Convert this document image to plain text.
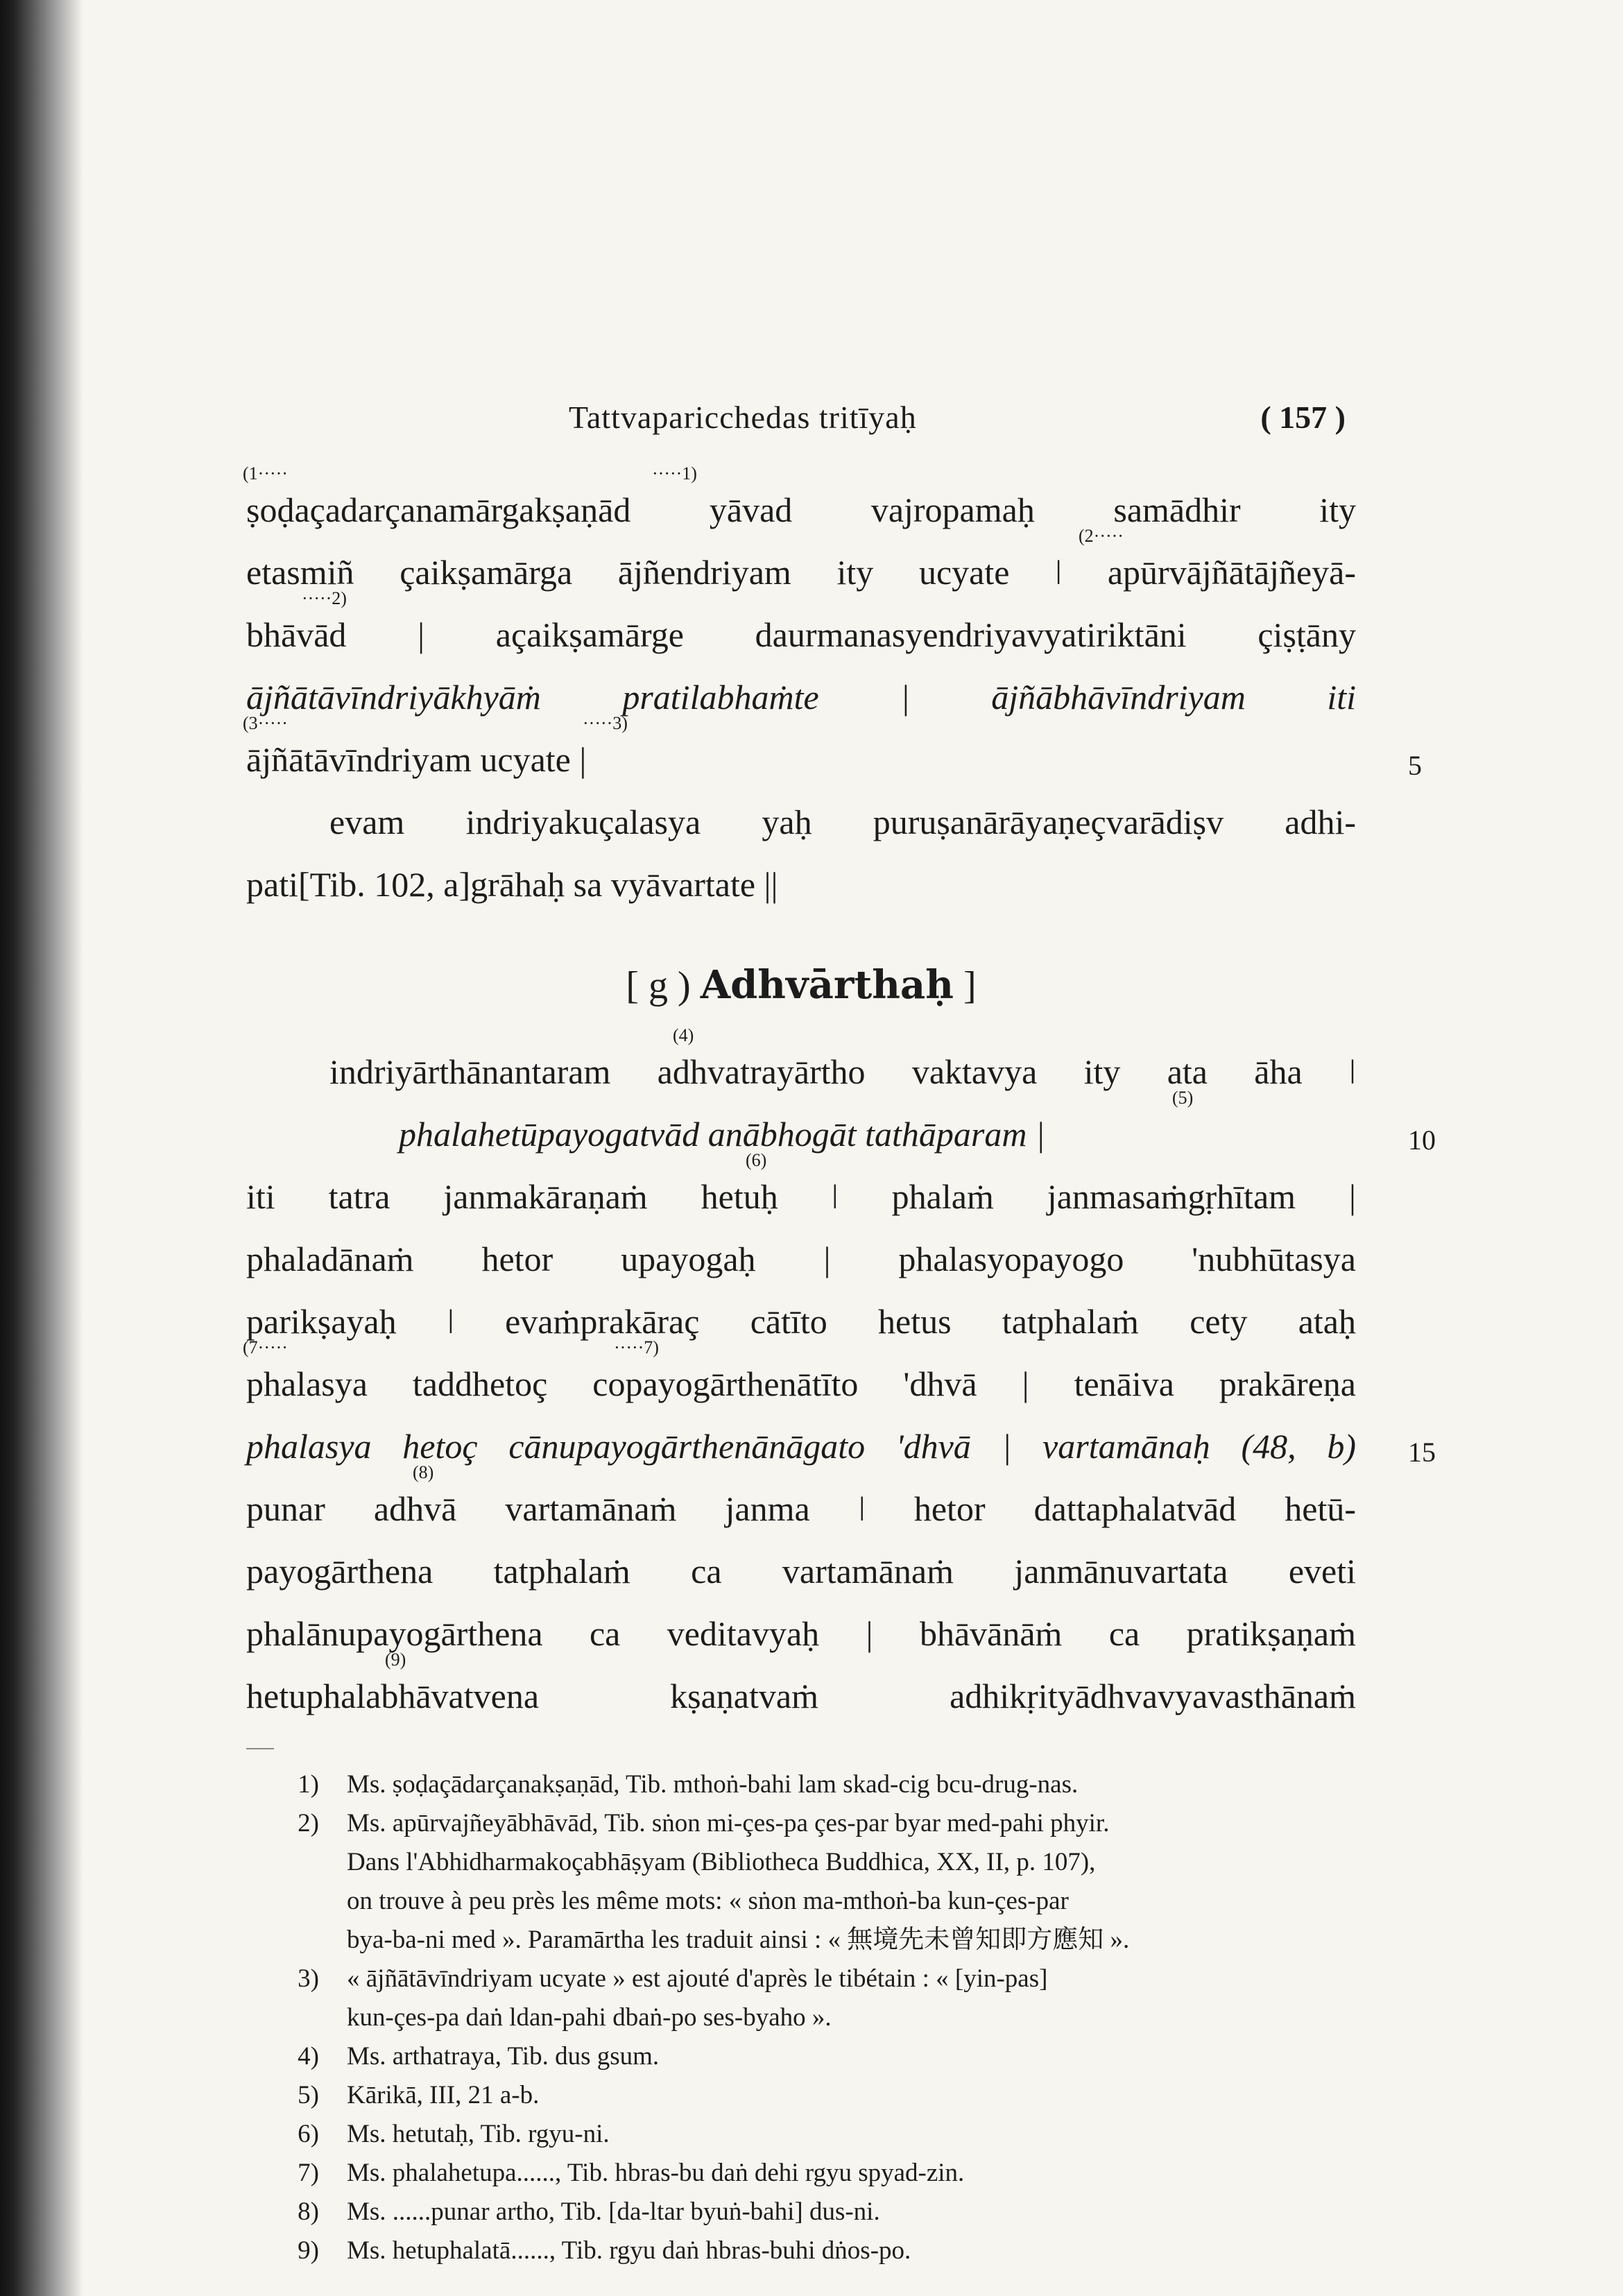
Tattvaparicchedas tritīyaḥ	( 157 )
(1·····	·····1)
ṣoḍaçadarçanamārgakṣaṇād yāvad vajropamaḥ samādhir ity
(2·····
etasmiñ çaikṣamārga ājñendriyam ity ucyate ǀ apūrvājñātājñeyā-
·····2)
bhāvād | açaikṣamārge daurmanasyendriyavyatiriktāni çiṣṭāny
ājñātāvīndriyākhyāṁ pratilabhaṁte | ājñābhāvīndriyam iti
(3·····	·····3)
ājñātāvīndriyam ucyate |
evam indriyakuçalasya yaḥ puruṣanārāyaṇeçvarādiṣv adhi-
pati[Tib. 102, a]grāhaḥ sa vyāvartate ||
5
[ g ) Adhvārthaḥ ]
(4)
indriyārthānantaram adhvatrayārtho vaktavya ity ata āha ǀ
(5)
phalahetūpayogatvād anābhogāt tathāparam |
(6)
iti tatra janmakāraṇaṁ hetuḥ ǀ phalaṁ janmasaṁgṛhītam |
phaladānaṁ hetor upayogaḥ | phalasyopayogo 'nubhūtasya
parikṣayaḥ ǀ evaṁprakāraç cātīto hetus tatphalaṁ cety ataḥ
(7·····	·····7)
phalasya taddhetoç copayogārthenātīto 'dhvā | tenāiva prakāreṇa
phalasya hetoç cānupayogārthenānāgato 'dhvā | vartamānaḥ (48, b)
(8)
punar adhvā vartamānaṁ janma ǀ hetor dattaphalatvād hetū-
payogārthena tatphalaṁ ca vartamānaṁ janmānuvartata eveti
phalānupayogārthena ca veditavyaḥ | bhāvānāṁ ca pratikṣaṇaṁ
(9)
hetuphalabhāvatvena kṣaṇatvaṁ adhikṛityādhvavyavasthānaṁ
10
15
1) Ms. ṣoḍaçādarçanakṣaṇād, Tib. mthoṅ-bahi lam skad-cig bcu-drug-nas.
2) Ms. apūrvajñeyābhāvād, Tib. sṅon mi-çes-pa çes-par byar med-pahi phyir.
Dans l'Abhidharmakoçabhāṣyam (Bibliotheca Buddhica, XX, II, p. 107),
on trouve à peu près les même mots: « sṅon ma-mthoṅ-ba kun-çes-par
bya-ba-ni med ». Paramārtha les traduit ainsi : « 無境先未曾知即方應知 ».
3) « ājñātāvīndriyam ucyate » est ajouté d'après le tibétain : « [yin-pas]
kun-çes-pa daṅ ldan-pahi dbaṅ-po ses-byaho ».
4) Ms. arthatraya, Tib. dus gsum.
5) Kārikā, III, 21 a-b.
6) Ms. hetutaḥ, Tib. rgyu-ni.
7) Ms. phalahetupa......, Tib. hbras-bu daṅ dehi rgyu spyad-zin.
8) Ms. ......punar artho, Tib. [da-ltar byuṅ-bahi] dus-ni.
9) Ms. hetuphalatā......, Tib. rgyu daṅ hbras-buhi dṅos-po.
